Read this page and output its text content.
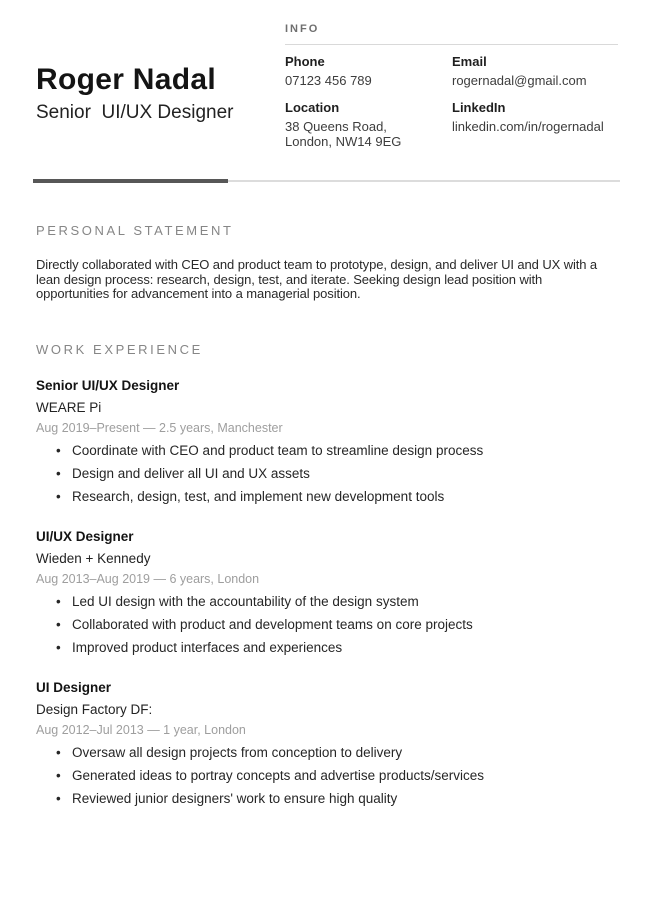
Roger Nadal
Senior  UI/UX Designer
INFO
Phone
07123 456 789
Email
rogernadal@gmail.com
Location
38 Queens Road,
London, NW14 9EG
LinkedIn
linkedin.com/in/rogernadal
PERSONAL STATEMENT

Directly collaborated with CEO and product team to prototype, design, and deliver UI and UX with a lean design process: research, design, test, and iterate. Seeking design lead position with opportunities for advancement into a managerial position.

WORK EXPERIENCE
Senior UI/UX Designer
WEARE Pi
Aug 2019–Present — 2.5 years, Manchester
• Coordinate with CEO and product team to streamline design process
• Design and deliver all UI and UX assets
• Research, design, test, and implement new development tools
UI/UX Designer
Wieden + Kennedy
Aug 2013–Aug 2019 — 6 years, London
• Led UI design with the accountability of the design system
• Collaborated with product and development teams on core projects
• Improved product interfaces and experiences
UI Designer
Design Factory DF:
Aug 2012–Jul 2013 — 1 year, London
• Oversaw all design projects from conception to delivery
• Generated ideas to portray concepts and advertise products/services
• Reviewed junior designers' work to ensure high quality
